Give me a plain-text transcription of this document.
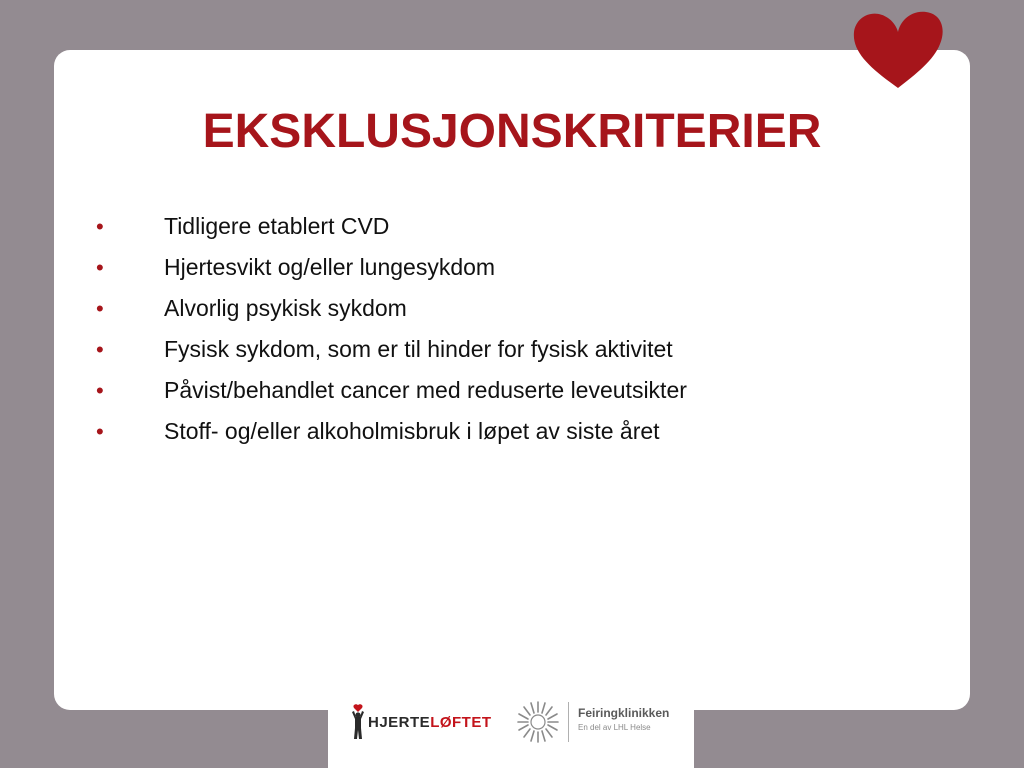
EKSKLUSJONSKRITERIER
•	Tidligere etablert CVD
•	Hjertesvikt og/eller lungesykdom
•	Alvorlig psykisk sykdom
•	Fysisk sykdom, som er til hinder for fysisk aktivitet
•	Påvist/behandlet cancer med reduserte leveutsikter
•	Stoff- og/eller alkoholmisbruk i løpet av siste året
HJERTELØFTET
Feiringklinikken
En del av LHL Helse
